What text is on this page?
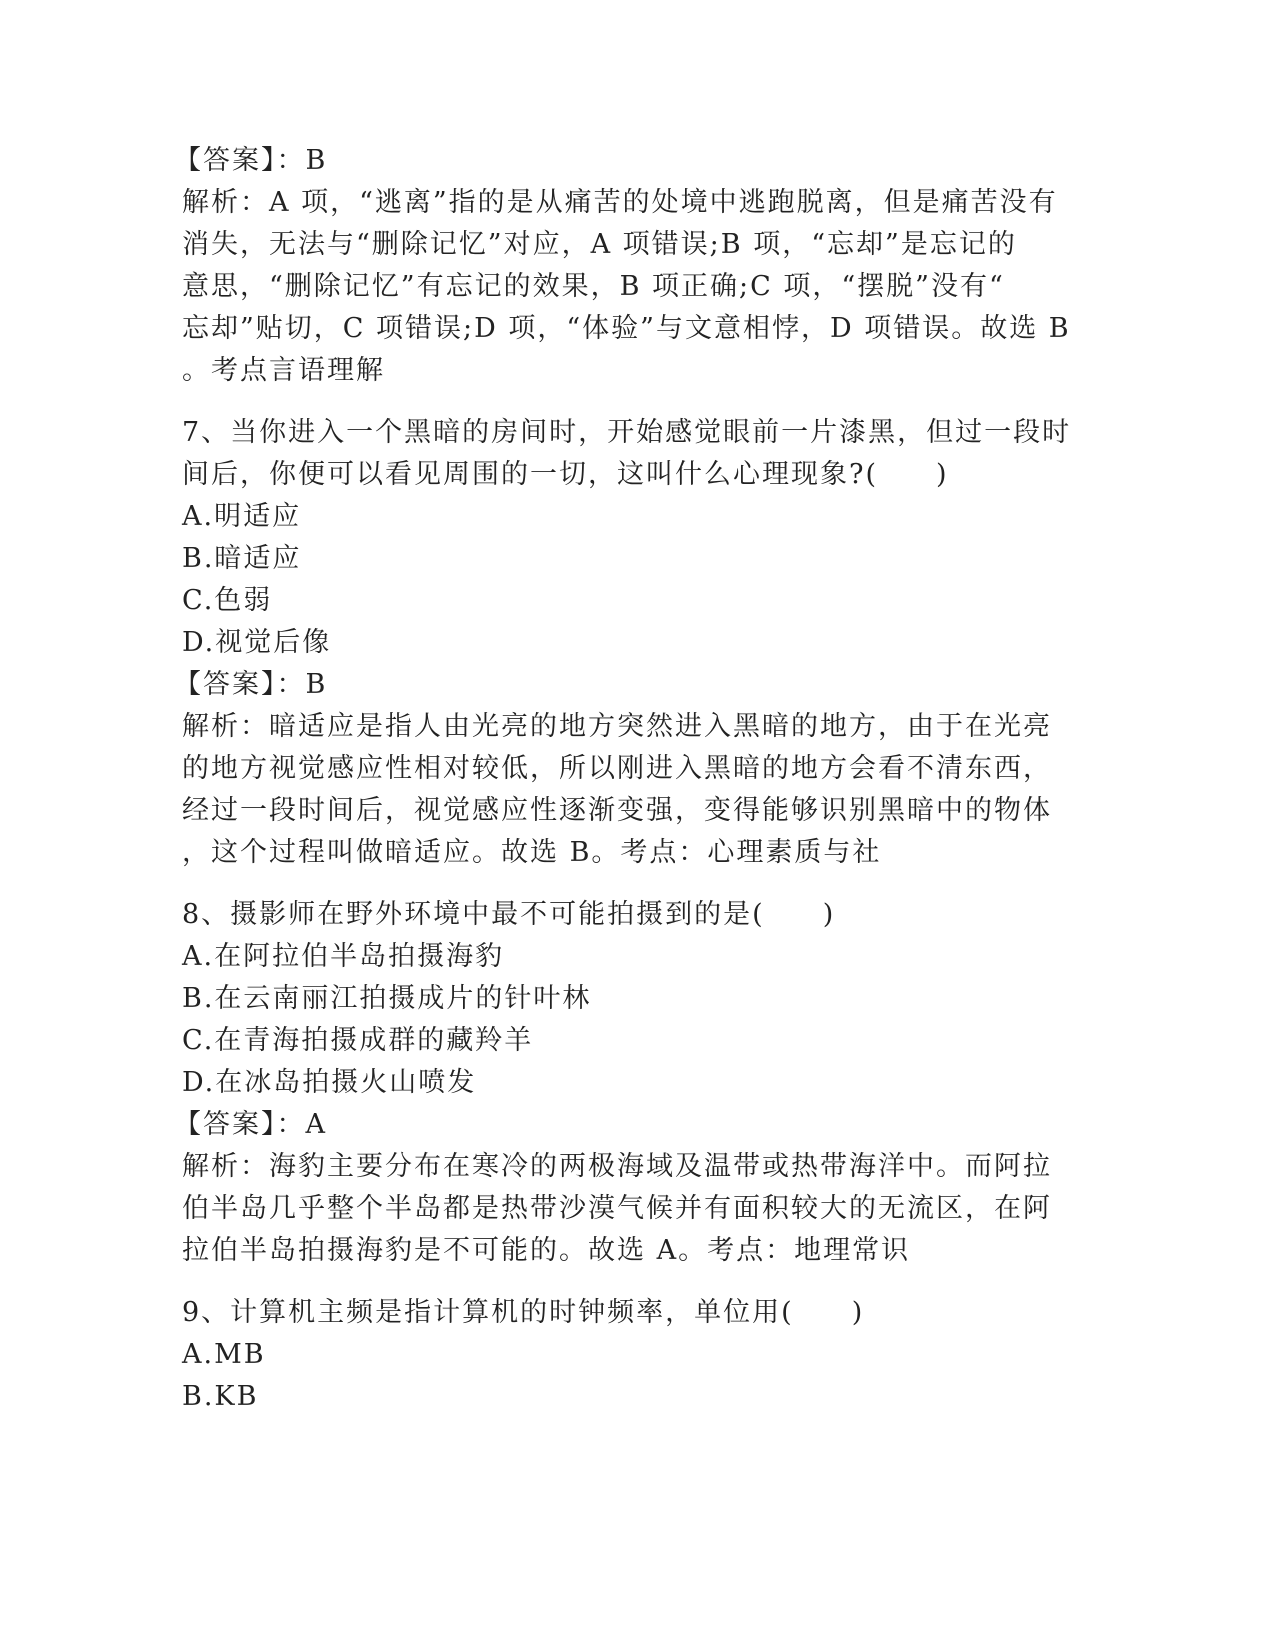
【答案】：B
解析：A 项，“逃离”指的是从痛苦的处境中逃跑脱离，但是痛苦没有
消失，无法与“删除记忆”对应，A 项错误;B 项，“忘却”是忘记的
意思，“删除记忆”有忘记的效果，B 项正确;C 项，“摆脱”没有“
忘却”贴切，C 项错误;D 项，“体验”与文意相悖，D 项错误。故选 B
。考点言语理解
7、当你进入一个黑暗的房间时，开始感觉眼前一片漆黑，但过一段时
间后，你便可以看见周围的一切，这叫什么心理现象?(　　)
A.明适应
B.暗适应
C.色弱
D.视觉后像
【答案】：B
解析：暗适应是指人由光亮的地方突然进入黑暗的地方，由于在光亮
的地方视觉感应性相对较低，所以刚进入黑暗的地方会看不清东西，
经过一段时间后，视觉感应性逐渐变强，变得能够识别黑暗中的物体
，这个过程叫做暗适应。故选 B。考点：心理素质与社
8、摄影师在野外环境中最不可能拍摄到的是(　　)
A.在阿拉伯半岛拍摄海豹
B.在云南丽江拍摄成片的针叶林
C.在青海拍摄成群的藏羚羊
D.在冰岛拍摄火山喷发
【答案】：A
解析：海豹主要分布在寒冷的两极海域及温带或热带海洋中。而阿拉
伯半岛几乎整个半岛都是热带沙漠气候并有面积较大的无流区，在阿
拉伯半岛拍摄海豹是不可能的。故选 A。考点：地理常识
9、计算机主频是指计算机的时钟频率，单位用(　　)
A.MB
B.KB
